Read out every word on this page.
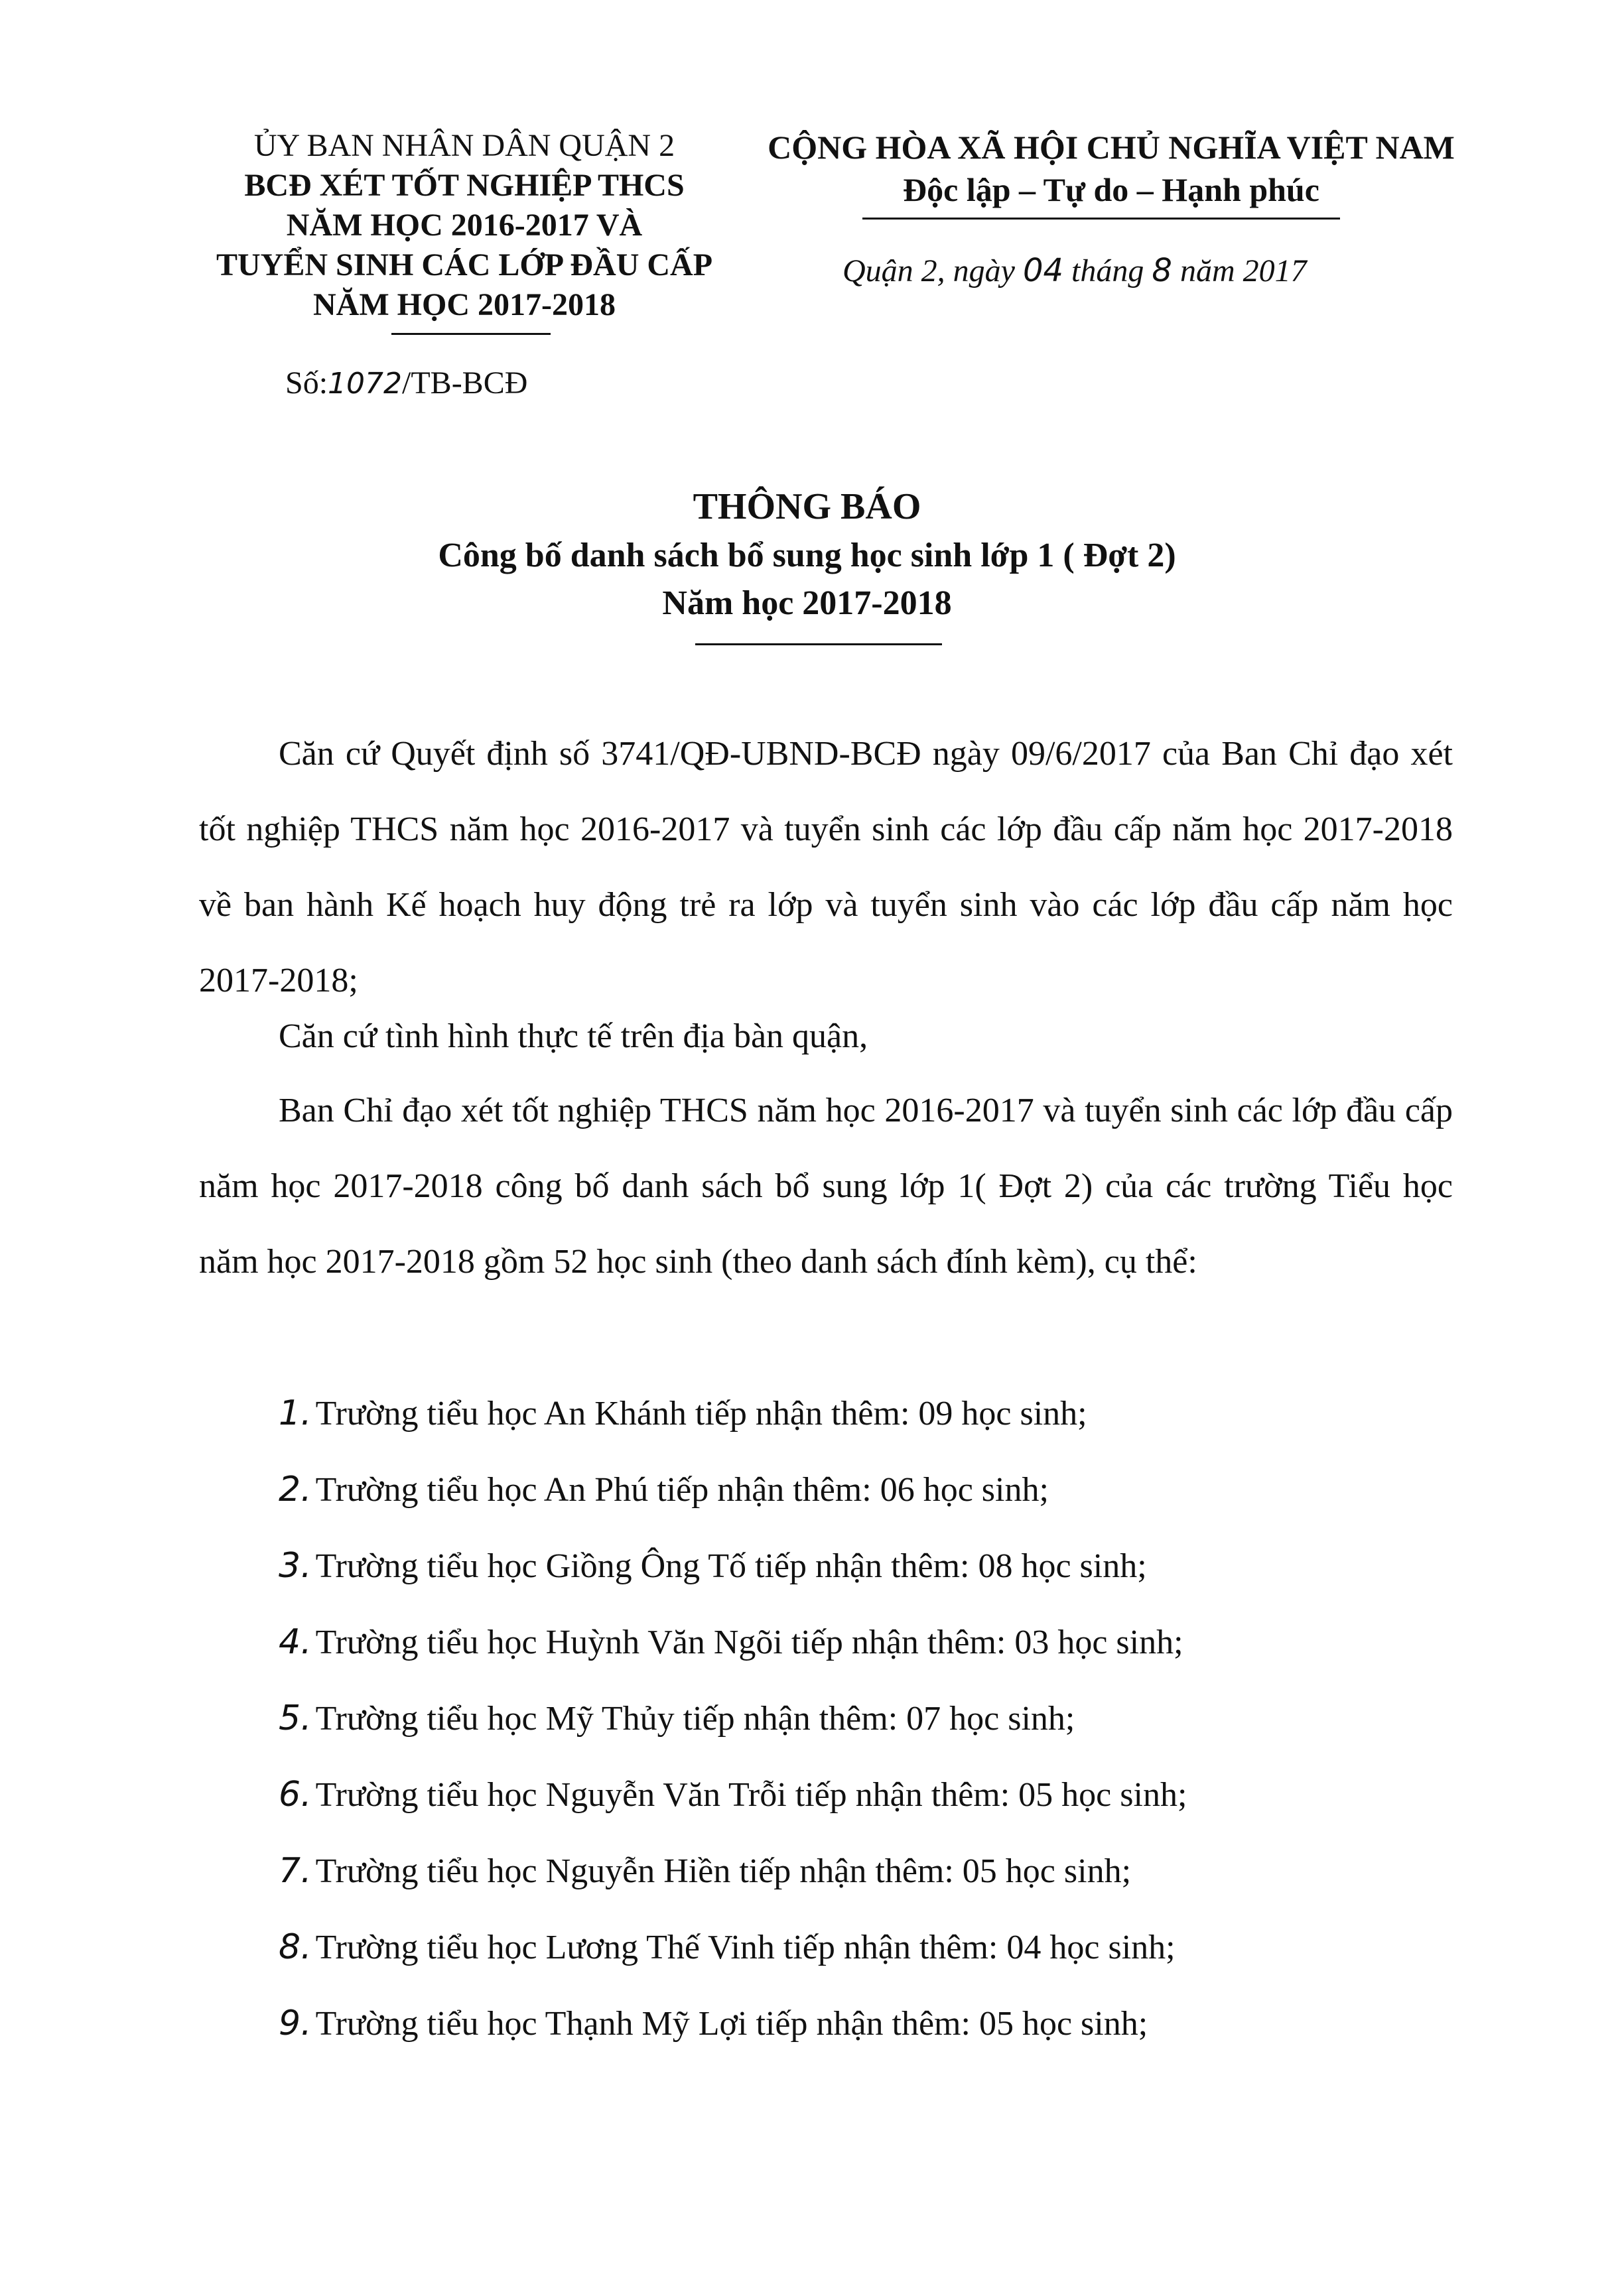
ỦY BAN NHÂN DÂN QUẬN 2
BCĐ XÉT TỐT NGHIỆP THCS
NĂM HỌC 2016-2017 VÀ
TUYỂN SINH CÁC LỚP ĐẦU CẤP
NĂM HỌC 2017-2018
Số:1072/TB-BCĐ
CỘNG HÒA XÃ HỘI CHỦ NGHĨA VIỆT NAM
Độc lập – Tự do – Hạnh phúc
Quận 2, ngày 04 tháng 8 năm 2017
THÔNG BÁO
Công bố danh sách bổ sung học sinh lớp 1 ( Đợt 2)
Năm học 2017-2018

Căn cứ Quyết định số 3741/QĐ-UBND-BCĐ ngày 09/6/2017 của Ban Chỉ đạo xét tốt nghiệp THCS năm học 2016-2017 và tuyển sinh các lớp đầu cấp năm học 2017-2018 về ban hành Kế hoạch huy động trẻ ra lớp và tuyển sinh vào các lớp đầu cấp năm học 2017-2018;

Căn cứ tình hình thực tế trên địa bàn quận,

Ban Chỉ đạo xét tốt nghiệp THCS năm học 2016-2017 và tuyển sinh các lớp đầu cấp năm học 2017-2018 công bố danh sách bổ sung lớp 1( Đợt 2) của các trường Tiểu học năm học 2017-2018 gồm 52 học sinh (theo danh sách đính kèm), cụ thể:

1. Trường tiểu học An Khánh tiếp nhận thêm: 09 học sinh;
2. Trường tiểu học An Phú tiếp nhận thêm: 06 học sinh;
3. Trường tiểu học Giồng Ông Tố tiếp nhận thêm: 08 học sinh;
4. Trường tiểu học Huỳnh Văn Ngõi tiếp nhận thêm: 03 học sinh;
5. Trường tiểu học Mỹ Thủy tiếp nhận thêm: 07 học sinh;
6. Trường tiểu học Nguyễn Văn Trỗi tiếp nhận thêm: 05 học sinh;
7. Trường tiểu học Nguyễn Hiền tiếp nhận thêm: 05 học sinh;
8. Trường tiểu học Lương Thế Vinh tiếp nhận thêm: 04 học sinh;
9. Trường tiểu học Thạnh Mỹ Lợi tiếp nhận thêm: 05 học sinh;
